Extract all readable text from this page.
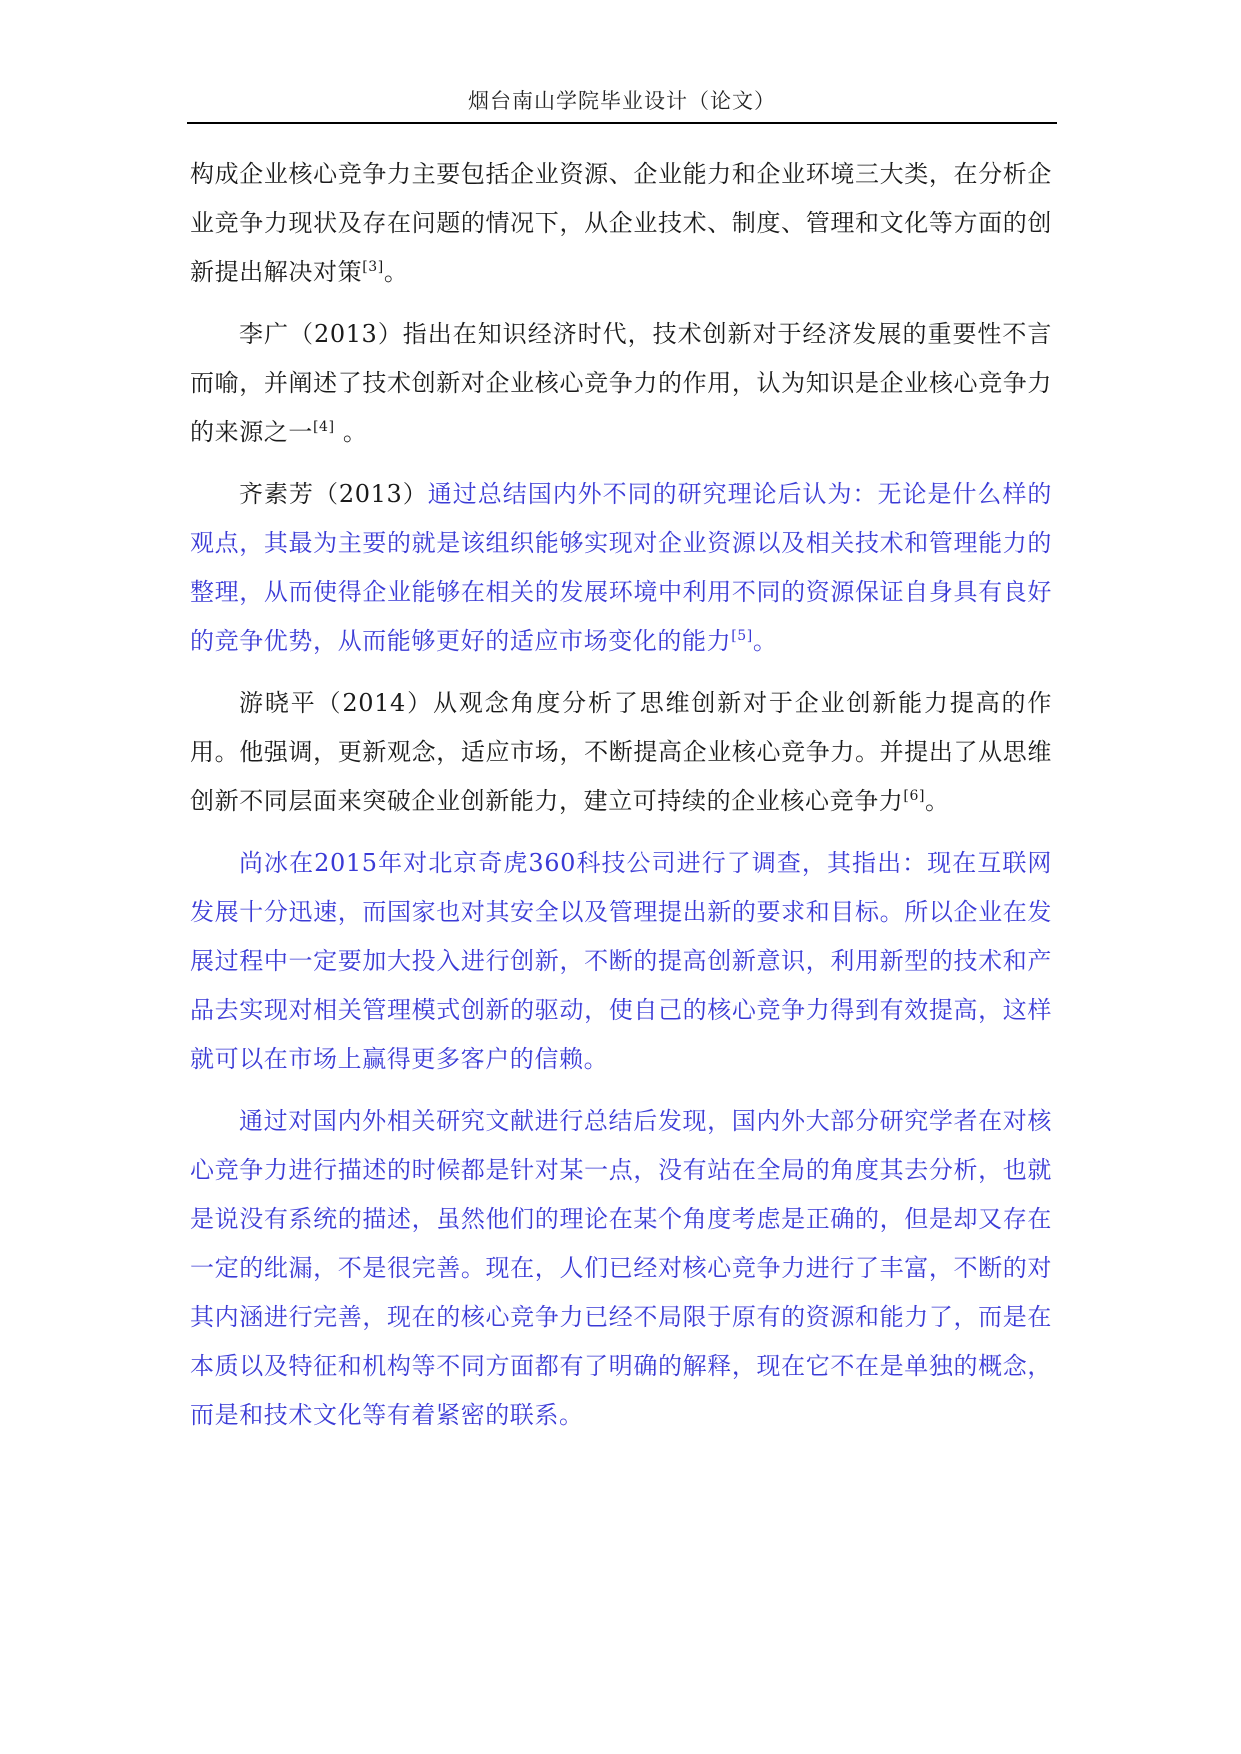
烟台南山学院毕业设计（论文）

构成企业核心竞争力主要包括企业资源、企业能力和企业环境三大类，在分析企业竞争力现状及存在问题的情况下，从企业技术、制度、管理和文化等方面的创新提出解决对策[3]。

李广（2013）指出在知识经济时代，技术创新对于经济发展的重要性不言而喻，并阐述了技术创新对企业核心竞争力的作用，认为知识是企业核心竞争力的来源之一[4] 。

齐素芳（2013）通过总结国内外不同的研究理论后认为：无论是什么样的观点，其最为主要的就是该组织能够实现对企业资源以及相关技术和管理能力的整理，从而使得企业能够在相关的发展环境中利用不同的资源保证自身具有良好的竞争优势，从而能够更好的适应市场变化的能力[5]。

游晓平（2014）从观念角度分析了思维创新对于企业创新能力提高的作用。他强调，更新观念，适应市场，不断提高企业核心竞争力。并提出了从思维创新不同层面来突破企业创新能力，建立可持续的企业核心竞争力[6]。

尚冰在2015年对北京奇虎360科技公司进行了调查，其指出：现在互联网发展十分迅速，而国家也对其安全以及管理提出新的要求和目标。所以企业在发展过程中一定要加大投入进行创新，不断的提高创新意识，利用新型的技术和产品去实现对相关管理模式创新的驱动，使自己的核心竞争力得到有效提高，这样就可以在市场上赢得更多客户的信赖。

通过对国内外相关研究文献进行总结后发现，国内外大部分研究学者在对核心竞争力进行描述的时候都是针对某一点，没有站在全局的角度其去分析，也就是说没有系统的描述，虽然他们的理论在某个角度考虑是正确的，但是却又存在一定的纰漏，不是很完善。现在，人们已经对核心竞争力进行了丰富，不断的对其内涵进行完善，现在的核心竞争力已经不局限于原有的资源和能力了，而是在本质以及特征和机构等不同方面都有了明确的解释，现在它不在是单独的概念，而是和技术文化等有着紧密的联系。
